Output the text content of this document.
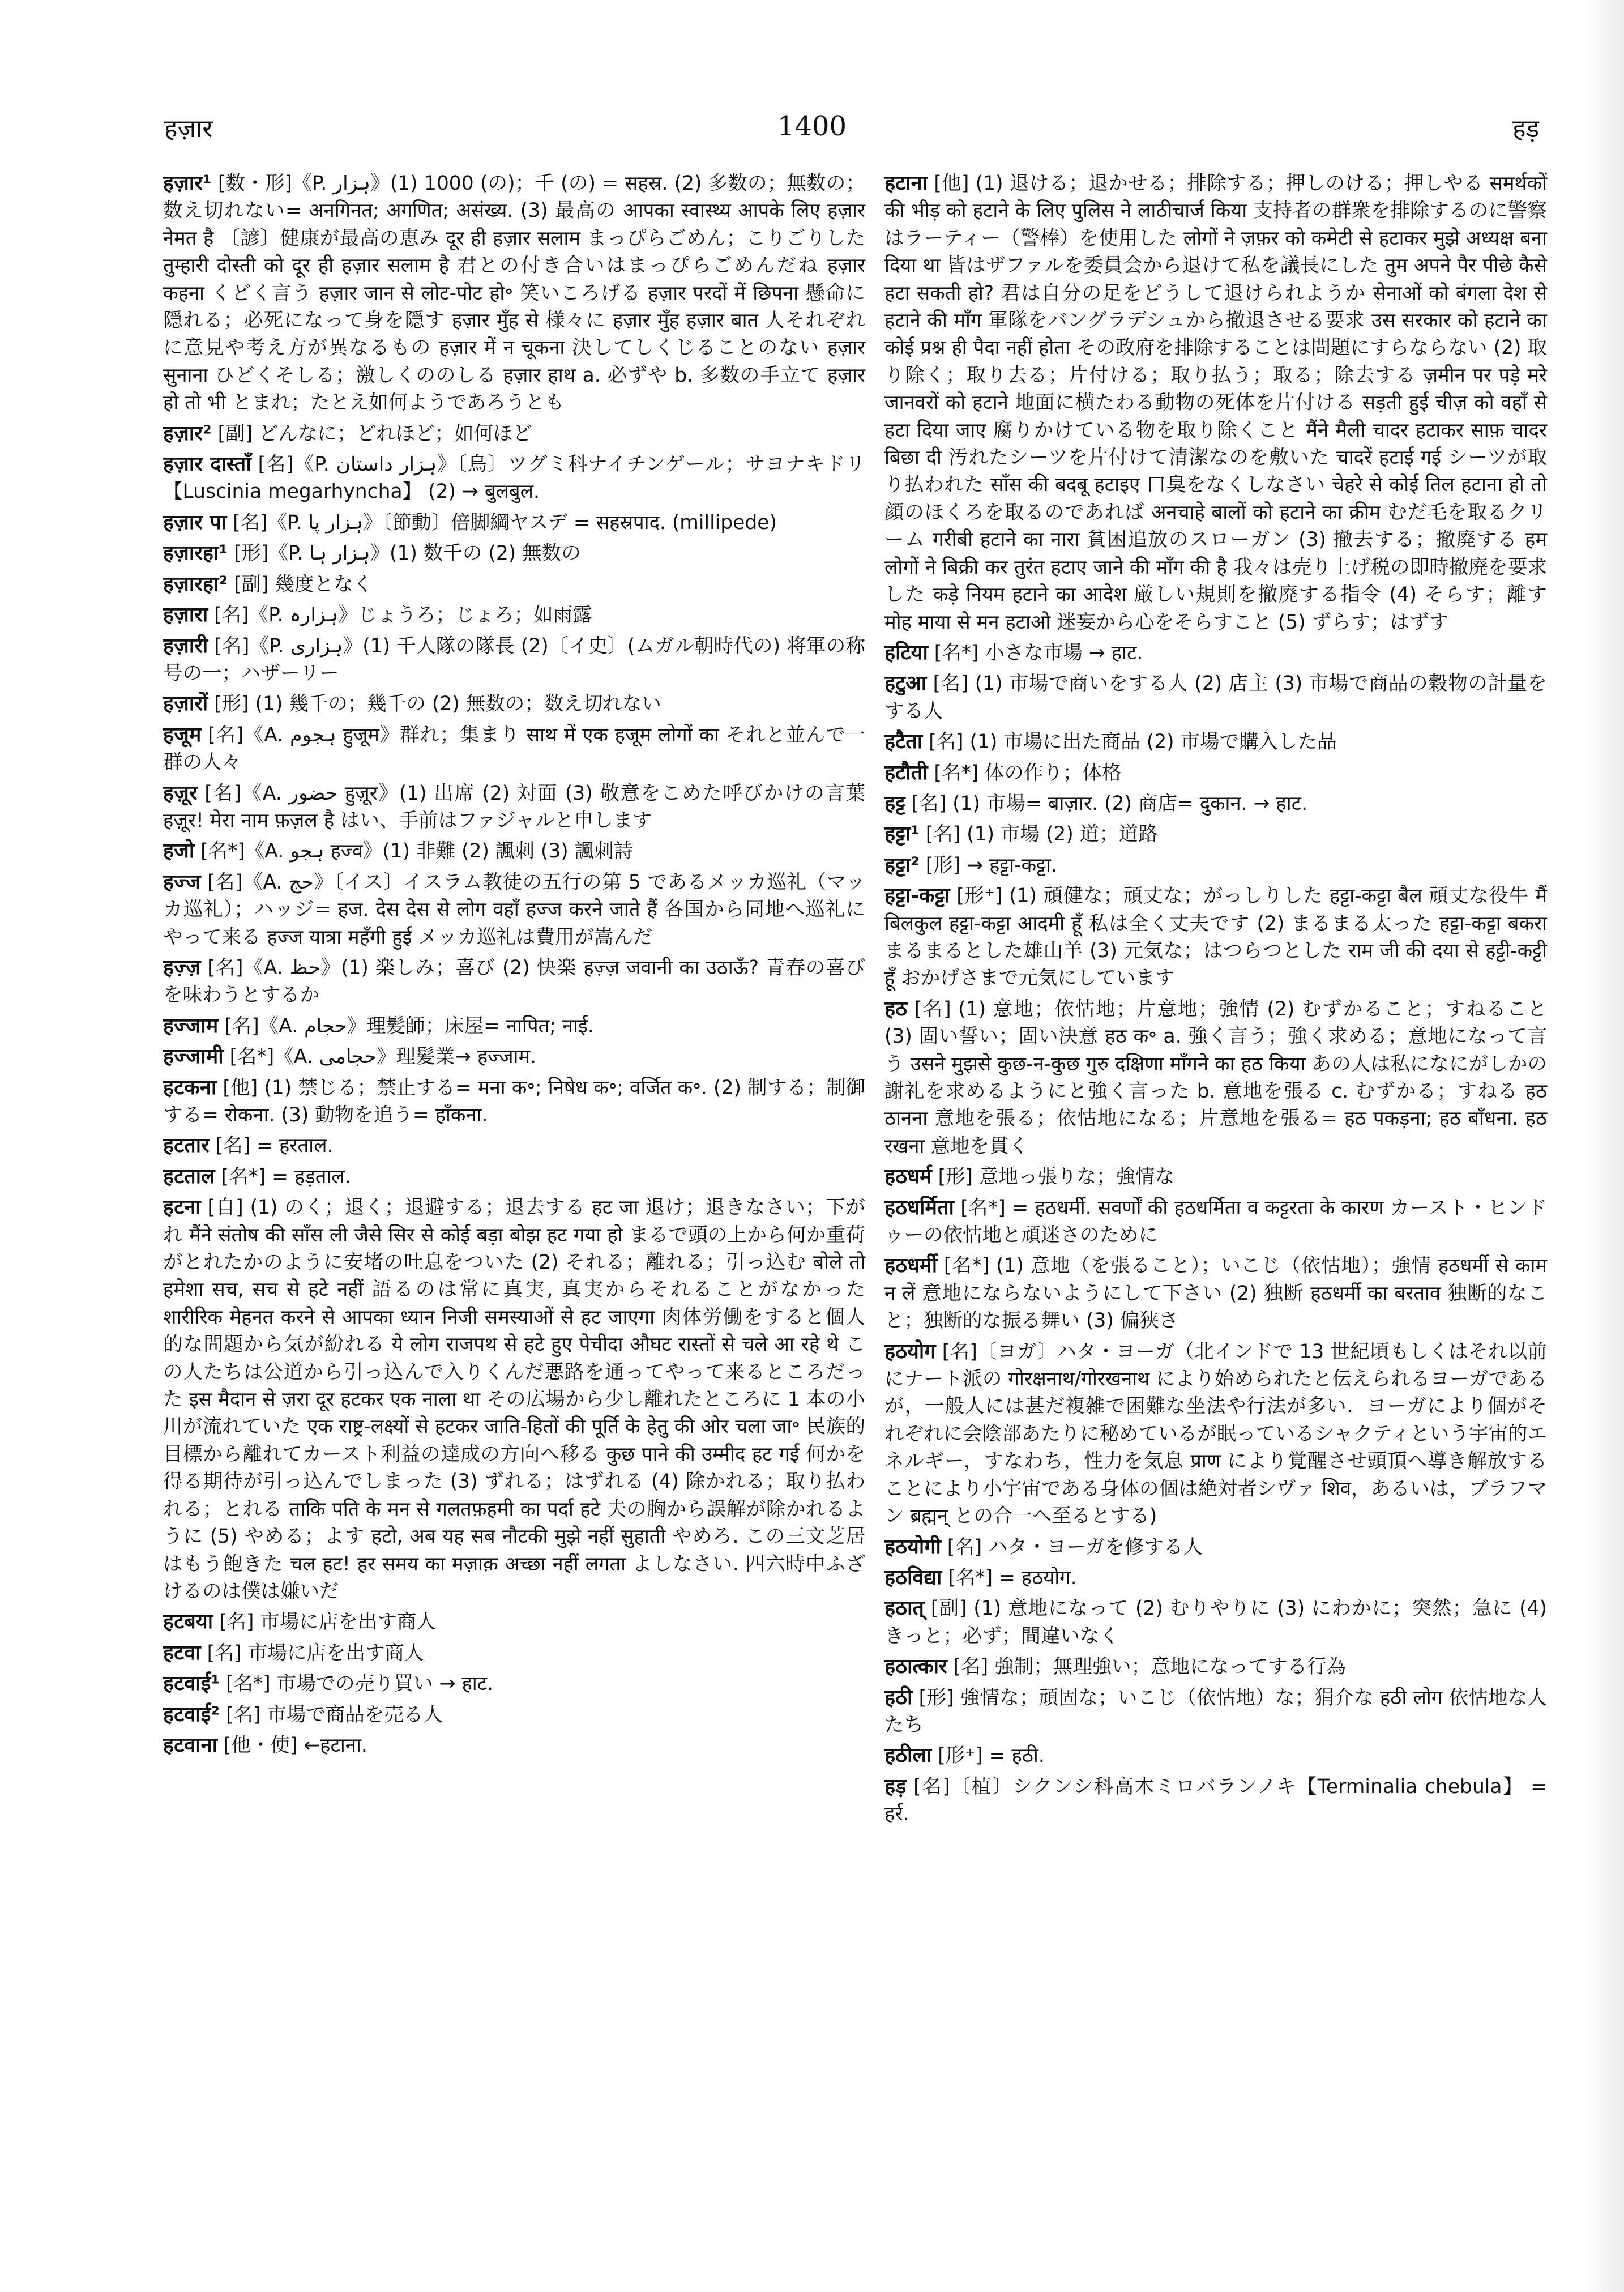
हज़ार	1400	हड़
हज़ार¹ [数・形]《P. ہزار》(1) 1000 (の)；千 (の) = सहस्र. (2) 多数の；無数の；数え切れない= अनगिनत; अगणित; असंख्य. (3) 最高の आपका स्वास्थ्य आपके लिए हज़ार नेमत है 〔諺〕健康が最高の恵み दूर ही हज़ार सलाम まっぴらごめん；こりごりした तुम्हारी दोस्ती को दूर ही हज़ार सलाम है 君との付き合いはまっぴらごめんだね हज़ार कहना くどく言う हज़ार जान से लोट-पोट हो॰ 笑いころげる हज़ार परदों में छिपना 懸命に隠れる；必死になって身を隠す हज़ार मुँह से 様々に हज़ार मुँह हज़ार बात 人それぞれに意見や考え方が異なるもの हज़ार में न चूकना 決してしくじることのない हज़ार सुनाना ひどくそしる；激しくののしる हज़ार हाथ a. 必ずや b. 多数の手立て हज़ार हो तो भी とまれ；たとえ如何ようであろうとも
हज़ार² [副] どんなに；どれほど；如何ほど
हज़ार दास्ताँ [名]《P. ہزار داستان》〔鳥〕ツグミ科ナイチンゲール；サヨナキドリ【Luscinia megarhyncha】 (2) → बुलबुल.
हज़ार पा [名]《P. ہزار پا》〔節動〕倍脚綱ヤスデ = सहस्रपाद. (millipede)
हज़ारहा¹ [形]《P. ہزار ہا》(1) 数千の (2) 無数の
हज़ारहा² [副] 幾度となく
हज़ारा [名]《P. ہزارہ》じょうろ；じょろ；如雨露
हज़ारी [名]《P. ہزاری》(1) 千人隊の隊長 (2)〔イ史〕(ムガル朝時代の) 将軍の称号の一；ハザーリー
हज़ारों [形] (1) 幾千の；幾千の (2) 無数の；数え切れない
हजूम [名]《A. ہجوم हुजूम》群れ；集まり साथ में एक हजूम लोगों का それと並んで一群の人々
हज़ूर [名]《A. حضور हुज़ूर》(1) 出席 (2) 対面 (3) 敬意をこめた呼びかけの言葉 हज़ूर! मेरा नाम फ़ज़ल है はい、手前はファジャルと申します
हजो [名*]《A. ہجو हज्व》(1) 非難 (2) 諷刺 (3) 諷刺詩
हज्ज [名]《A. حج》〔イス〕イスラム教徒の五行の第 5 であるメッカ巡礼（マッカ巡礼）；ハッジ= हज. देस देस से लोग वहाँ हज्ज करने जाते हैं 各国から同地へ巡礼にやって来る हज्ज यात्रा महँगी हुई メッカ巡礼は費用が嵩んだ
हज़्ज़ [名]《A. حظ》(1) 楽しみ；喜び (2) 快楽 हज़्ज़ जवानी का उठाऊँ? 青春の喜びを味わうとするか
हज्जाम [名]《A. حجام》理髪師；床屋= नापित; नाई.
हज्जामी [名*]《A. حجامی》理髪業→ हज्जाम.
हटकना [他] (1) 禁じる；禁止する= मना क॰; निषेध क॰; वर्जित क॰. (2) 制する；制御する= रोकना. (3) 動物を追う= हाँकना.
हटतार [名] = हरताल.
हटताल [名*] = हड़ताल.
हटना [自] (1) のく；退く；退避する；退去する हट जा 退け；退きなさい；下がれ मैंने संतोष की साँस ली जैसे सिर से कोई बड़ा बोझ हट गया हो まるで頭の上から何か重荷がとれたかのように安堵の吐息をついた (2) それる；離れる；引っ込む बोले तो हमेशा सच, सच से हटे नहीं 語るのは常に真実, 真実からそれることがなかった शारीरिक मेहनत करने से आपका ध्यान निजी समस्याओं से हट जाएगा 肉体労働をすると個人的な問題から気が紛れる ये लोग राजपथ से हटे हुए पेचीदा औघट रास्तों से चले आ रहे थे この人たちは公道から引っ込んで入りくんだ悪路を通ってやって来るところだった इस मैदान से ज़रा दूर हटकर एक नाला था その広場から少し離れたところに 1 本の小川が流れていた एक राष्ट्र-लक्ष्यों से हटकर जाति-हितों की पूर्ति के हेतु की ओर चला जा॰ 民族的目標から離れてカースト利益の達成の方向へ移る कुछ पाने की उम्मीद हट गई 何かを得る期待が引っ込んでしまった (3) ずれる；はずれる (4) 除かれる；取り払われる；とれる ताकि पति के मन से गलतफ़हमी का पर्दा हटे 夫の胸から誤解が除かれるように (5) やめる；よす हटो, अब यह सब नौटकी मुझे नहीं सुहाती やめろ. この三文芝居はもう飽きた चल हट! हर समय का मज़ाक़ अच्छा नहीं लगता よしなさい. 四六時中ふざけるのは僕は嫌いだ
हटबया [名] 市場に店を出す商人
हटवा [名] 市場に店を出す商人
हटवाई¹ [名*] 市場での売り買い → हाट.
हटवाई² [名] 市場で商品を売る人
हटवाना [他・使] ←हटाना.
हटाना [他] (1) 退ける；退かせる；排除する；押しのける；押しやる समर्थकों की भीड़ को हटाने के लिए पुलिस ने लाठीचार्ज किया 支持者の群衆を排除するのに警察はラーティー（警棒）を使用した लोगों ने ज़फ़र को कमेटी से हटाकर मुझे अध्यक्ष बना दिया था 皆はザファルを委員会から退けて私を議長にした तुम अपने पैर पीछे कैसे हटा सकती हो? 君は自分の足をどうして退けられようか सेनाओं को बंगला देश से हटाने की माँग 軍隊をバングラデシュから撤退させる要求 उस सरकार को हटाने का कोई प्रश्न ही पैदा नहीं होता その政府を排除することは問題にすらならない (2) 取り除く；取り去る；片付ける；取り払う；取る；除去する ज़मीन पर पड़े मरे जानवरों को हटाने 地面に横たわる動物の死体を片付ける सड़ती हुई चीज़ को वहाँ से हटा दिया जाए 腐りかけている物を取り除くこと मैंने मैली चादर हटाकर साफ़ चादर बिछा दी 汚れたシーツを片付けて清潔なのを敷いた चादरें हटाई गई シーツが取り払われた साँस की बदबू हटाइए 口臭をなくしなさい चेहरे से कोई तिल हटाना हो तो 顔のほくろを取るのであれば अनचाहे बालों को हटाने का क्रीम むだ毛を取るクリーム गरीबी हटाने का नारा 貧困追放のスローガン (3) 撤去する；撤廃する हम लोगों ने बिक्री कर तुरंत हटाए जाने की माँग की है 我々は売り上げ税の即時撤廃を要求した कड़े नियम हटाने का आदेश 厳しい規則を撤廃する指令 (4) そらす；離す मोह माया से मन हटाओ 迷妄から心をそらすこと (5) ずらす；はずす
हटिया [名*] 小さな市場 → हाट.
हटुआ [名] (1) 市場で商いをする人 (2) 店主 (3) 市場で商品の穀物の計量をする人
हटैता [名] (1) 市場に出た商品 (2) 市場で購入した品
हटौती [名*] 体の作り；体格
हट्ट [名] (1) 市場= बाज़ार. (2) 商店= दुकान. → हाट.
हट्टा¹ [名] (1) 市場 (2) 道；道路
हट्टा² [形] → हट्टा-कट्टा.
हट्टा-कट्टा [形⁺] (1) 頑健な；頑丈な；がっしりした हट्टा-कट्टा बैल 頑丈な役牛 मैं बिलकुल हट्टा-कट्टा आदमी हूँ 私は全く丈夫です (2) まるまる太った हट्टा-कट्टा बकरा まるまるとした雄山羊 (3) 元気な；はつらつとした राम जी की दया से हट्टी-कट्टी हूँ おかげさまで元気にしています
हठ [名] (1) 意地；依怙地；片意地；強情 (2) むずかること；すねること (3) 固い誓い；固い決意 हठ क॰ a. 強く言う；強く求める；意地になって言う उसने मुझसे कुछ-न-कुछ गुरु दक्षिणा माँगने का हठ किया あの人は私になにがしかの謝礼を求めるようにと強く言った b. 意地を張る c. むずかる；すねる हठ ठानना 意地を張る；依怙地になる；片意地を張る= हठ पकड़ना; हठ बाँधना. हठ रखना 意地を貫く
हठधर्म [形] 意地っ張りな；強情な
हठधर्मिता [名*] = हठधर्मी. सवर्णों की हठधर्मिता व कट्टरता के कारण カースト・ヒンドゥーの依怙地と頑迷さのために
हठधर्मी [名*] (1) 意地（を張ること）；いこじ（依怙地）；強情 हठधर्मी से काम न लें 意地にならないようにして下さい (2) 独断 हठधर्मी का बरताव 独断的なこと；独断的な振る舞い (3) 偏狭さ
हठयोग [名]〔ヨガ〕ハタ・ヨーガ（北インドで 13 世紀頃もしくはそれ以前にナート派の गोरक्षनाथ/गोरखनाथ により始められたと伝えられるヨーガであるが，一般人には甚だ複雑で困難な坐法や行法が多い．ヨーガにより個がそれぞれに会陰部あたりに秘めているが眠っているシャクティという宇宙的エネルギー，すなわち，性力を気息 प्राण により覚醒させ頭頂へ導き解放することにより小宇宙である身体の個は絶対者シヴァ शिव，あるいは，ブラフマン ब्रह्मन् との合一へ至るとする)
हठयोगी [名] ハタ・ヨーガを修する人
हठविद्या [名*] = हठयोग.
हठात् [副] (1) 意地になって (2) むりやりに (3) にわかに；突然；急に (4) きっと；必ず；間違いなく
हठात्कार [名] 強制；無理強い；意地になってする行為
हठी [形] 強情な；頑固な；いこじ（依怙地）な；狷介な हठी लोग 依怙地な人たち
हठीला [形⁺] = हठी.
हड़ [名]〔植〕シクンシ科高木ミロバランノキ【Terminalia chebula】 = हर्र.
